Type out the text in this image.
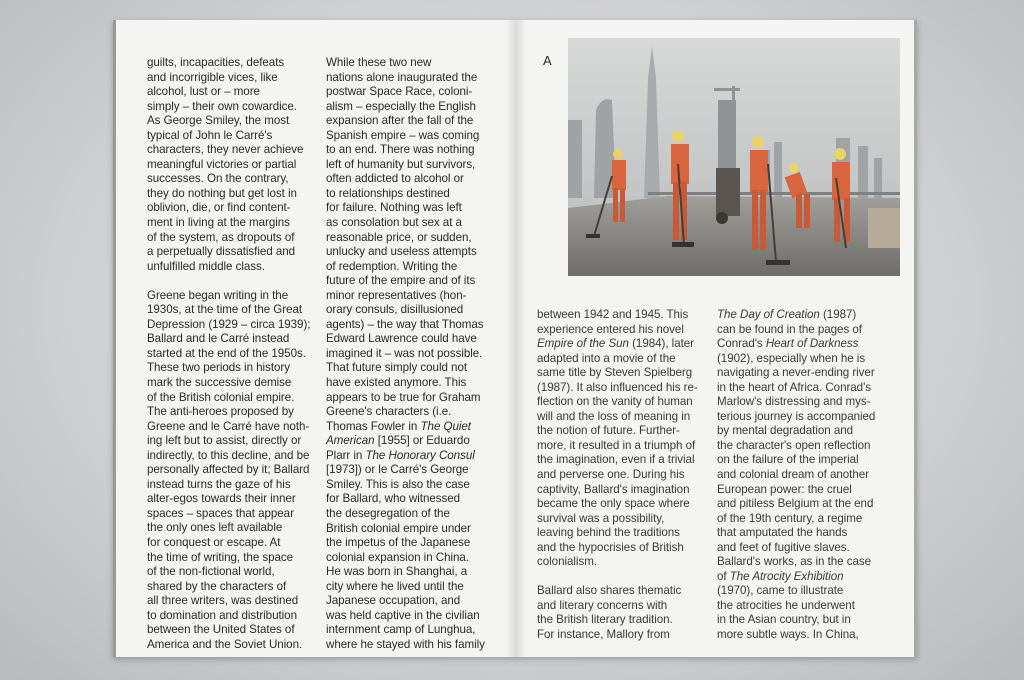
guilts, incapacities, defeats
and incorrigible vices, like
alcohol, lust or – more
simply – their own cowardice.
As George Smiley, the most
typical of John le Carré's
characters, they never achieve
meaningful victories or partial
successes. On the contrary,
they do nothing but get lost in
oblivion, die, or find content-
ment in living at the margins
of the system, as dropouts of
a perpetually dissatisfied and
unfulfilled middle class.

Greene began writing in the
1930s, at the time of the Great
Depression (1929 – circa 1939);
Ballard and le Carré instead
started at the end of the 1950s.
These two periods in history
mark the successive demise
of the British colonial empire.
The anti-heroes proposed by
Greene and le Carré have noth-
ing left but to assist, directly or
indirectly, to this decline, and be
personally affected by it; Ballard
instead turns the gaze of his
alter-egos towards their inner
spaces – spaces that appear
the only ones left available
for conquest or escape. At
the time of writing, the space
of the non-fictional world,
shared by the characters of
all three writers, was destined
to domination and distribution
between the United States of
America and the Soviet Union.

While these two new
nations alone inaugurated the
postwar Space Race, coloni-
alism – especially the English
expansion after the fall of the
Spanish empire – was coming
to an end. There was nothing
left of humanity but survivors,
often addicted to alcohol or
to relationships destined
for failure. Nothing was left
as consolation but sex at a
reasonable price, or sudden,
unlucky and useless attempts
of redemption. Writing the
future of the empire and of its
minor representatives (hon-
orary consuls, disillusioned
agents) – the way that Thomas
Edward Lawrence could have
imagined it – was not possible.
That future simply could not
have existed anymore. This
appears to be true for Graham
Greene's characters (i.e.
Thomas Fowler in The Quiet
American [1955] or Eduardo
Plarr in The Honorary Consul
[1973]) or le Carré's George
Smiley. This is also the case
for Ballard, who witnessed
the desegregation of the
British colonial empire under
the impetus of the Japanese
colonial expansion in China.
He was born in Shanghai, a
city where he lived until the
Japanese occupation, and
was held captive in the civilian
internment camp of Lunghua,
where he stayed with his family

A

between 1942 and 1945. This
experience entered his novel
Empire of the Sun (1984), later
adapted into a movie of the
same title by Steven Spielberg
(1987). It also influenced his re-
flection on the vanity of human
will and the loss of meaning in
the notion of future. Further-
more, it resulted in a triumph of
the imagination, even if a trivial
and perverse one. During his
captivity, Ballard's imagination
became the only space where
survival was a possibility,
leaving behind the traditions
and the hypocrisies of British
colonialism.

Ballard also shares thematic
and literary concerns with
the British literary tradition.
For instance, Mallory from

The Day of Creation (1987)
can be found in the pages of
Conrad's Heart of Darkness
(1902), especially when he is
navigating a never-ending river
in the heart of Africa. Conrad's
Marlow's distressing and mys-
terious journey is accompanied
by mental degradation and
the character's open reflection
on the failure of the imperial
and colonial dream of another
European power: the cruel
and pitiless Belgium at the end
of the 19th century, a regime
that amputated the hands
and feet of fugitive slaves.
Ballard's works, as in the case
of The Atrocity Exhibition
(1970), came to illustrate
the atrocities he underwent
in the Asian country, but in
more subtle ways. In China,
